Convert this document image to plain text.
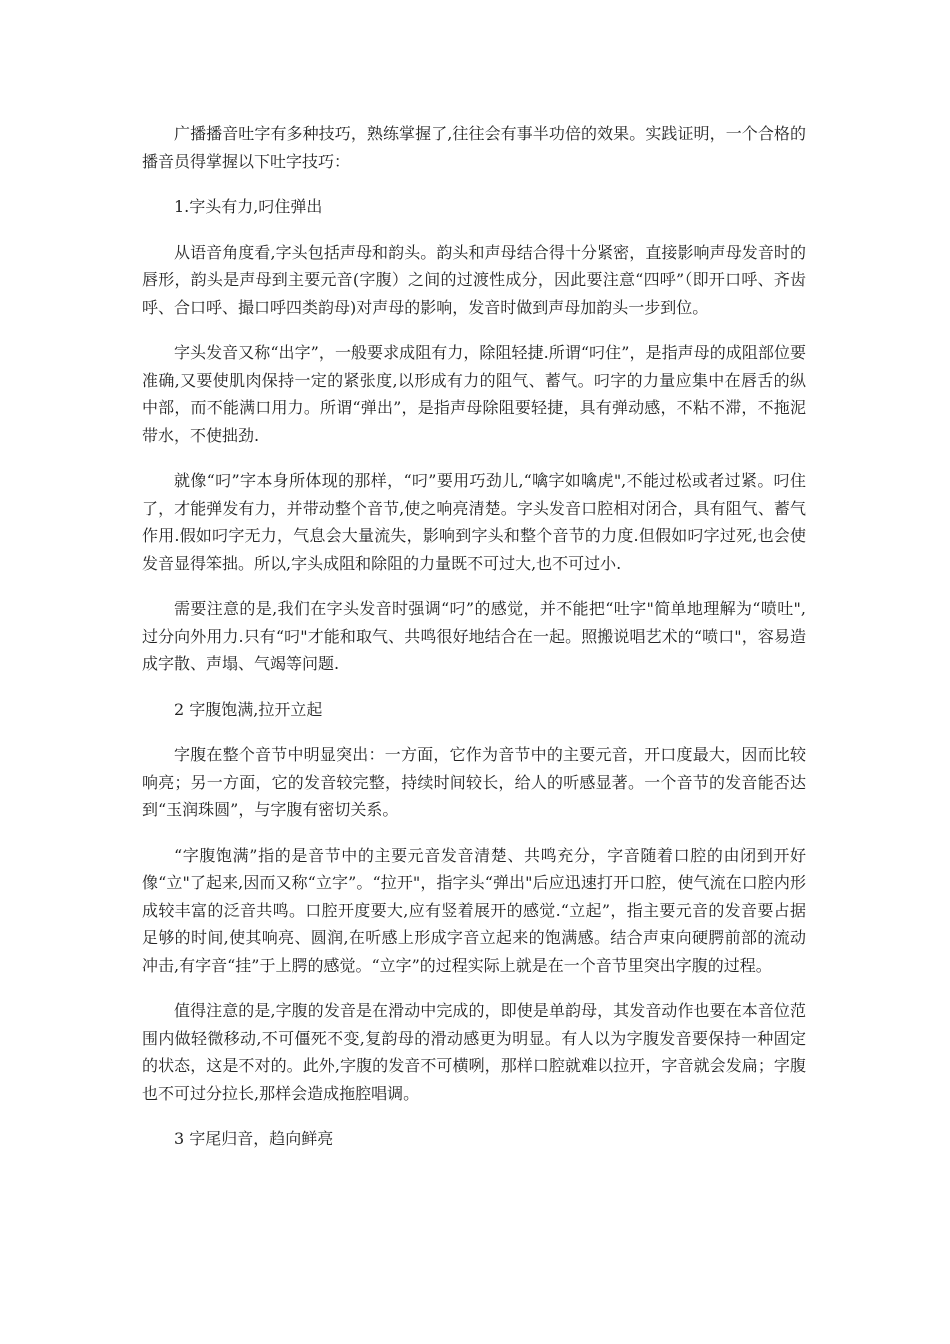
广播播音吐字有多种技巧，熟练掌握了,往往会有事半功倍的效果。实践证明，一个合格的播音员得掌握以下吐字技巧：

1.字头有力,叼住弹出

从语音角度看,字头包括声母和韵头。韵头和声母结合得十分紧密，直接影响声母发音时的唇形，韵头是声母到主要元音(字腹）之间的过渡性成分，因此要注意“四呼”（即开口呼、齐齿呼、合口呼、撮口呼四类韵母)对声母的影响，发音时做到声母加韵头一步到位。

字头发音又称“出字”，一般要求成阻有力，除阻轻捷.所谓“叼住”，是指声母的成阻部位要准确,又要使肌肉保持一定的紧张度,以形成有力的阻气、蓄气。叼字的力量应集中在唇舌的纵中部，而不能满口用力。所谓“弹出”，是指声母除阻要轻捷，具有弹动感，不粘不滞，不拖泥带水，不使拙劲.

就像“叼”字本身所体现的那样，“叼”要用巧劲儿,“噙字如噙虎",不能过松或者过紧。叼住了，才能弹发有力，并带动整个音节,使之响亮清楚。字头发音口腔相对闭合，具有阻气、蓄气作用.假如叼字无力，气息会大量流失，影响到字头和整个音节的力度.但假如叼字过死,也会使发音显得笨拙。所以,字头成阻和除阻的力量既不可过大,也不可过小.

需要注意的是,我们在字头发音时强调“叼”的感觉，并不能把“吐字"简单地理解为“喷吐",过分向外用力.只有“叼"才能和取气、共鸣很好地结合在一起。照搬说唱艺术的“喷口"，容易造成字散、声塌、气竭等问题.

2 字腹饱满,拉开立起

字腹在整个音节中明显突出：一方面，它作为音节中的主要元音，开口度最大，因而比较响亮；另一方面，它的发音较完整，持续时间较长，给人的听感显著。一个音节的发音能否达到“玉润珠圆”，与字腹有密切关系。

“字腹饱满”指的是音节中的主要元音发音清楚、共鸣充分，字音随着口腔的由闭到开好像“立"了起来,因而又称“立字”。“拉开"，指字头“弹出"后应迅速打开口腔，使气流在口腔内形成较丰富的泛音共鸣。口腔开度要大,应有竖着展开的感觉.“立起”，指主要元音的发音要占据足够的时间,使其响亮、圆润,在听感上形成字音立起来的饱满感。结合声束向硬腭前部的流动冲击,有字音“挂”于上腭的感觉。“立字”的过程实际上就是在一个音节里突出字腹的过程。

值得注意的是,字腹的发音是在滑动中完成的，即使是单韵母，其发音动作也要在本音位范围内做轻微移动,不可僵死不变,复韵母的滑动感更为明显。有人以为字腹发音要保持一种固定的状态，这是不对的。此外,字腹的发音不可横咧，那样口腔就难以拉开，字音就会发扁；字腹也不可过分拉长,那样会造成拖腔唱调。

3 字尾归音，趋向鲜亮
